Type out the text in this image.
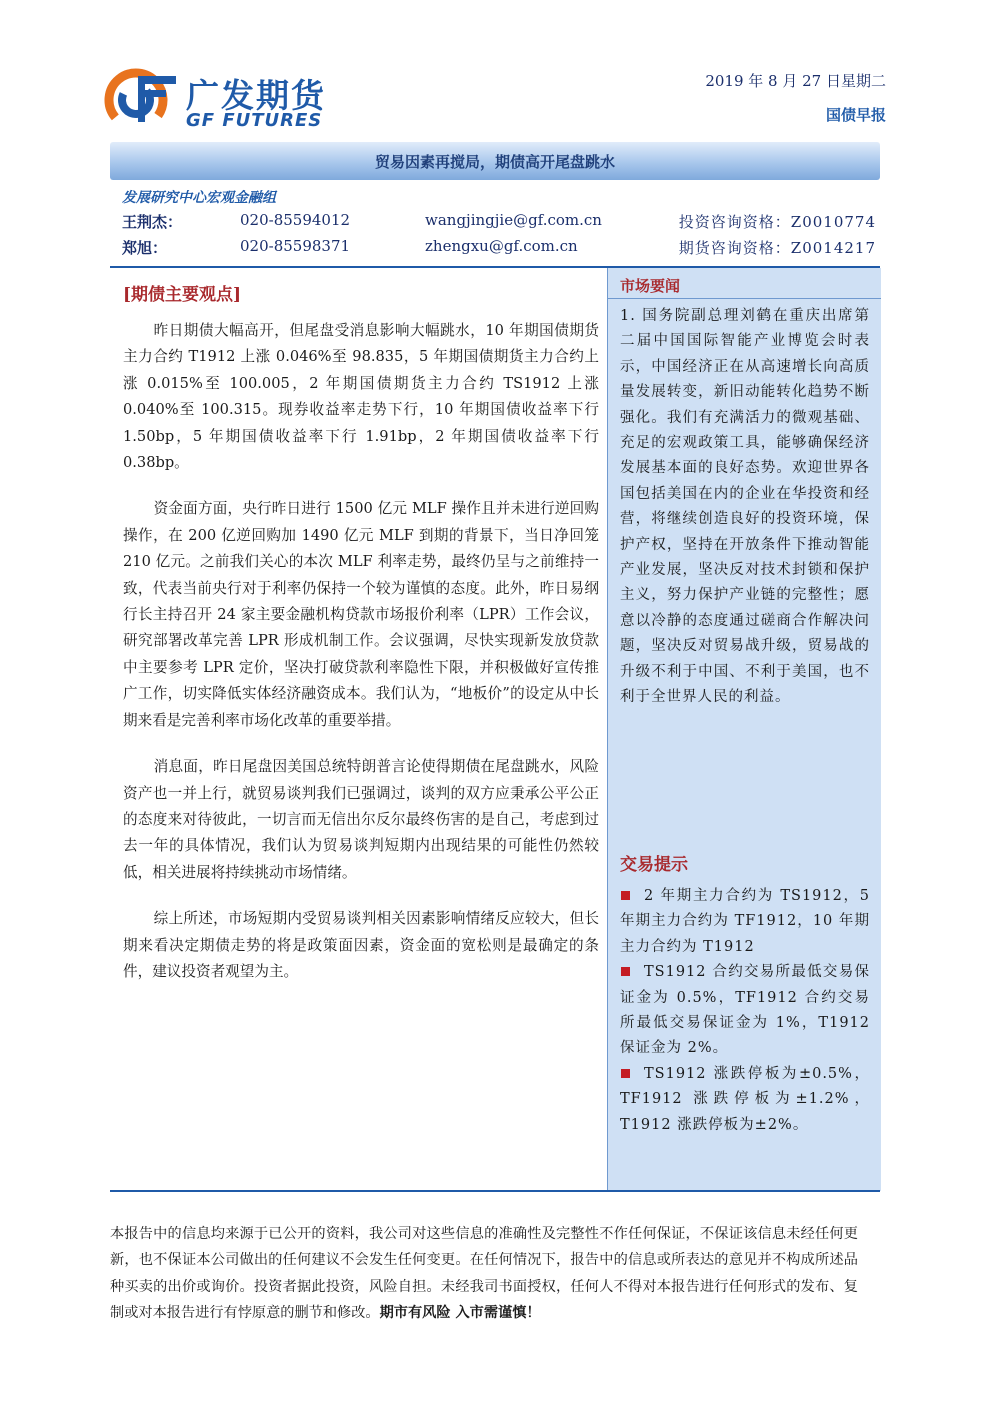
广发期货
GF FUTURES
2019 年 8 月 27 日星期二
国债早报
贸易因素再搅局，期债高开尾盘跳水
发展研究中心宏观金融组
王荆杰：	020-85594012	wangjingjie@gf.com.cn	投资咨询资格：Z0010774
郑旭：	020-85598371	zhengxu@gf.com.cn	期货咨询资格：Z0014217
[期债主要观点]

昨日期债大幅高开，但尾盘受消息影响大幅跳水，10 年期国债期货主力合约 T1912 上涨 0.046%至 98.835，5 年期国债期货主力合约上涨 0.015%至 100.005，2 年期国债期货主力合约 TS1912 上涨 0.040%至 100.315。现券收益率走势下行，10 年期国债收益率下行 1.50bp，5 年期国债收益率下行 1.91bp，2 年期国债收益率下行 0.38bp。

资金面方面，央行昨日进行 1500 亿元 MLF 操作且并未进行逆回购操作，在 200 亿逆回购加 1490 亿元 MLF 到期的背景下，当日净回笼 210 亿元。之前我们关心的本次 MLF 利率走势，最终仍呈与之前维持一致，代表当前央行对于利率仍保持一个较为谨慎的态度。此外，昨日易纲行长主持召开 24 家主要金融机构贷款市场报价利率（LPR）工作会议，研究部署改革完善 LPR 形成机制工作。会议强调，尽快实现新发放贷款中主要参考 LPR 定价，坚决打破贷款利率隐性下限，并积极做好宣传推广工作，切实降低实体经济融资成本。我们认为，“地板价”的设定从中长期来看是完善利率市场化改革的重要举措。

消息面，昨日尾盘因美国总统特朗普言论使得期债在尾盘跳水，风险资产也一并上行，就贸易谈判我们已强调过，谈判的双方应秉承公平公正的态度来对待彼此，一切言而无信出尔反尔最终伤害的是自己，考虑到过去一年的具体情况，我们认为贸易谈判短期内出现结果的可能性仍然较低，相关进展将持续挑动市场情绪。

综上所述，市场短期内受贸易谈判相关因素影响情绪反应较大，但长期来看决定期债走势的将是政策面因素，资金面的宽松则是最确定的条件，建议投资者观望为主。

市场要闻

1. 国务院副总理刘鹤在重庆出席第二届中国国际智能产业博览会时表示，中国经济正在从高速增长向高质量发展转变，新旧动能转化趋势不断强化。我们有充满活力的微观基础、充足的宏观政策工具，能够确保经济发展基本面的良好态势。欢迎世界各国包括美国在内的企业在华投资和经营，将继续创造良好的投资环境，保护产权，坚持在开放条件下推动智能产业发展，坚决反对技术封锁和保护主义，努力保护产业链的完整性；愿意以冷静的态度通过磋商合作解决问题，坚决反对贸易战升级，贸易战的升级不利于中国、不利于美国，也不利于全世界人民的利益。

交易提示

2 年期主力合约为 TS1912，5 年期主力合约为 TF1912，10 年期主力合约为 T1912

TS1912 合约交易所最低交易保证金为 0.5%，TF1912 合约交易所最低交易保证金为 1%，T1912 保证金为 2%。

TS1912 涨跌停板为±0.5%，TF1912 涨跌停板为±1.2%，T1912 涨跌停板为±2%。

本报告中的信息均来源于已公开的资料，我公司对这些信息的准确性及完整性不作任何保证，不保证该信息未经任何更新，也不保证本公司做出的任何建议不会发生任何变更。在任何情况下，报告中的信息或所表达的意见并不构成所述品种买卖的出价或询价。投资者据此投资，风险自担。未经我司书面授权，任何人不得对本报告进行任何形式的发布、复制或对本报告进行有悖原意的删节和修改。期市有风险 入市需谨慎！
